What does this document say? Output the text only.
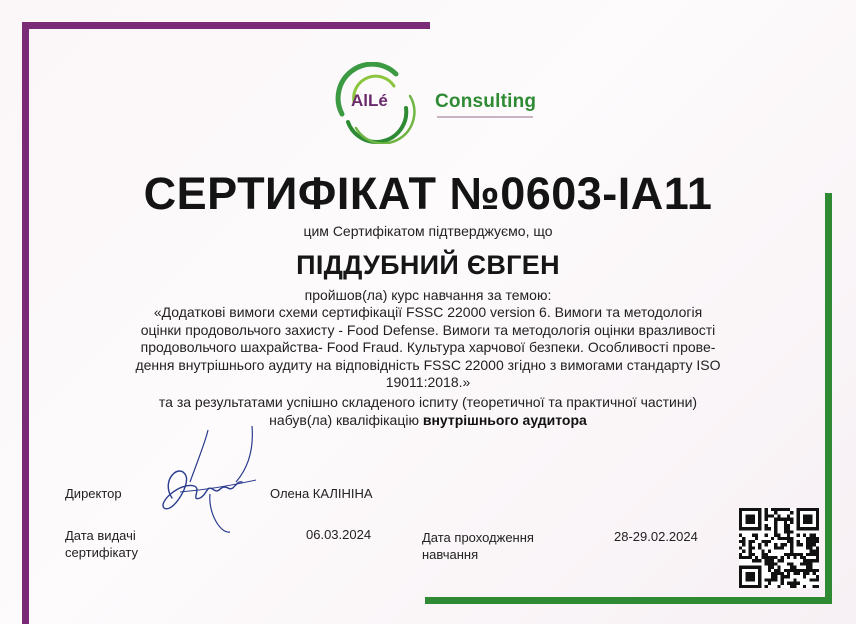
AlLé Consulting
СЕРТИФІКАТ №0603-IA11
цим Сертифікатом підтверджуємо, що
ПІДДУБНИЙ ЄВГЕН
пройшов(ла) курс навчання за темою:
«Додаткові вимоги схеми сертифікації FSSC 22000 version 6. Вимоги та методологія
оцінки продовольчого захисту - Food Defense. Вимоги та методологія оцінки вразливості
продовольчого шахрайства- Food Fraud. Культура харчової безпеки. Особливості прове-
дення внутрішнього аудиту на відповідність FSSC 22000 згідно з вимогами стандарту ISO
19011:2018.»
та за результатами успішно складеного іспиту (теоретичної та практичної частини)
набув(ла) кваліфікацію внутрішнього аудитора
Директор	Олена КАЛІНІНА
Дата видачі сертифікату
06.03.2024	Дата проходження навчання
28-29.02.2024
